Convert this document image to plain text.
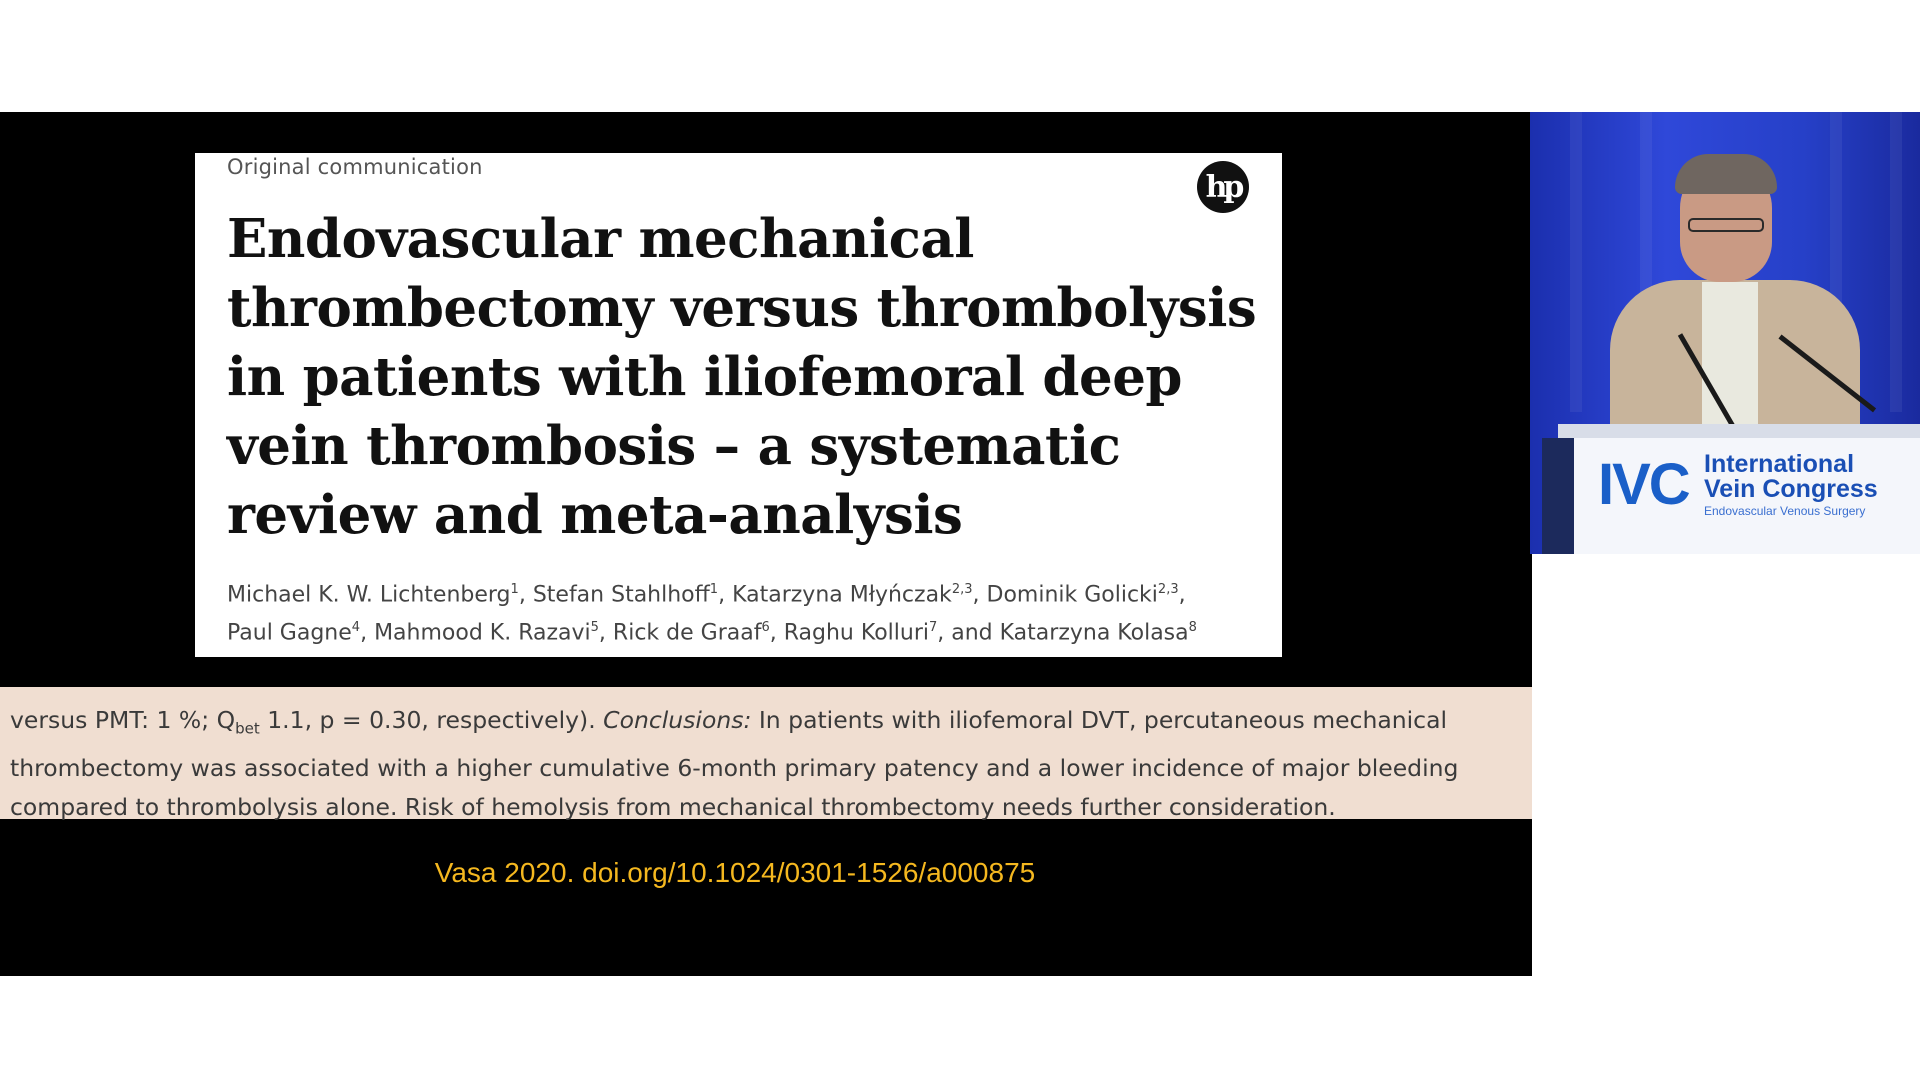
Original communication
hp
Endovascular mechanical
thrombectomy versus thrombolysis
in patients with iliofemoral deep
vein thrombosis – a systematic
review and meta-analysis
Michael K. W. Lichtenberg$^1$, Stefan Stahlhoff$^1$, Katarzyna Młyńczak$^{2,3}$, Dominik Golicki$^{2,3}$,
Paul Gagne$^4$, Mahmood K. Razavi$^5$, Rick de Graaf$^6$, Raghu Kolluri$^7$, and Katarzyna Kolasa$^8$
versus PMT: 1 %; $Q_{bet}$ 1.1, p = 0.30, respectively). Conclusions: In patients with iliofemoral DVT, percutaneous mechanical
thrombectomy was associated with a higher cumulative 6-month primary patency and a lower incidence of major bleeding
compared to thrombolysis alone. Risk of hemolysis from mechanical thrombectomy needs further consideration.
Vasa 2020. doi.org/10.1024/0301-1526/a000875
IVC International
Vein Congress
Endovascular Venous Surgery
